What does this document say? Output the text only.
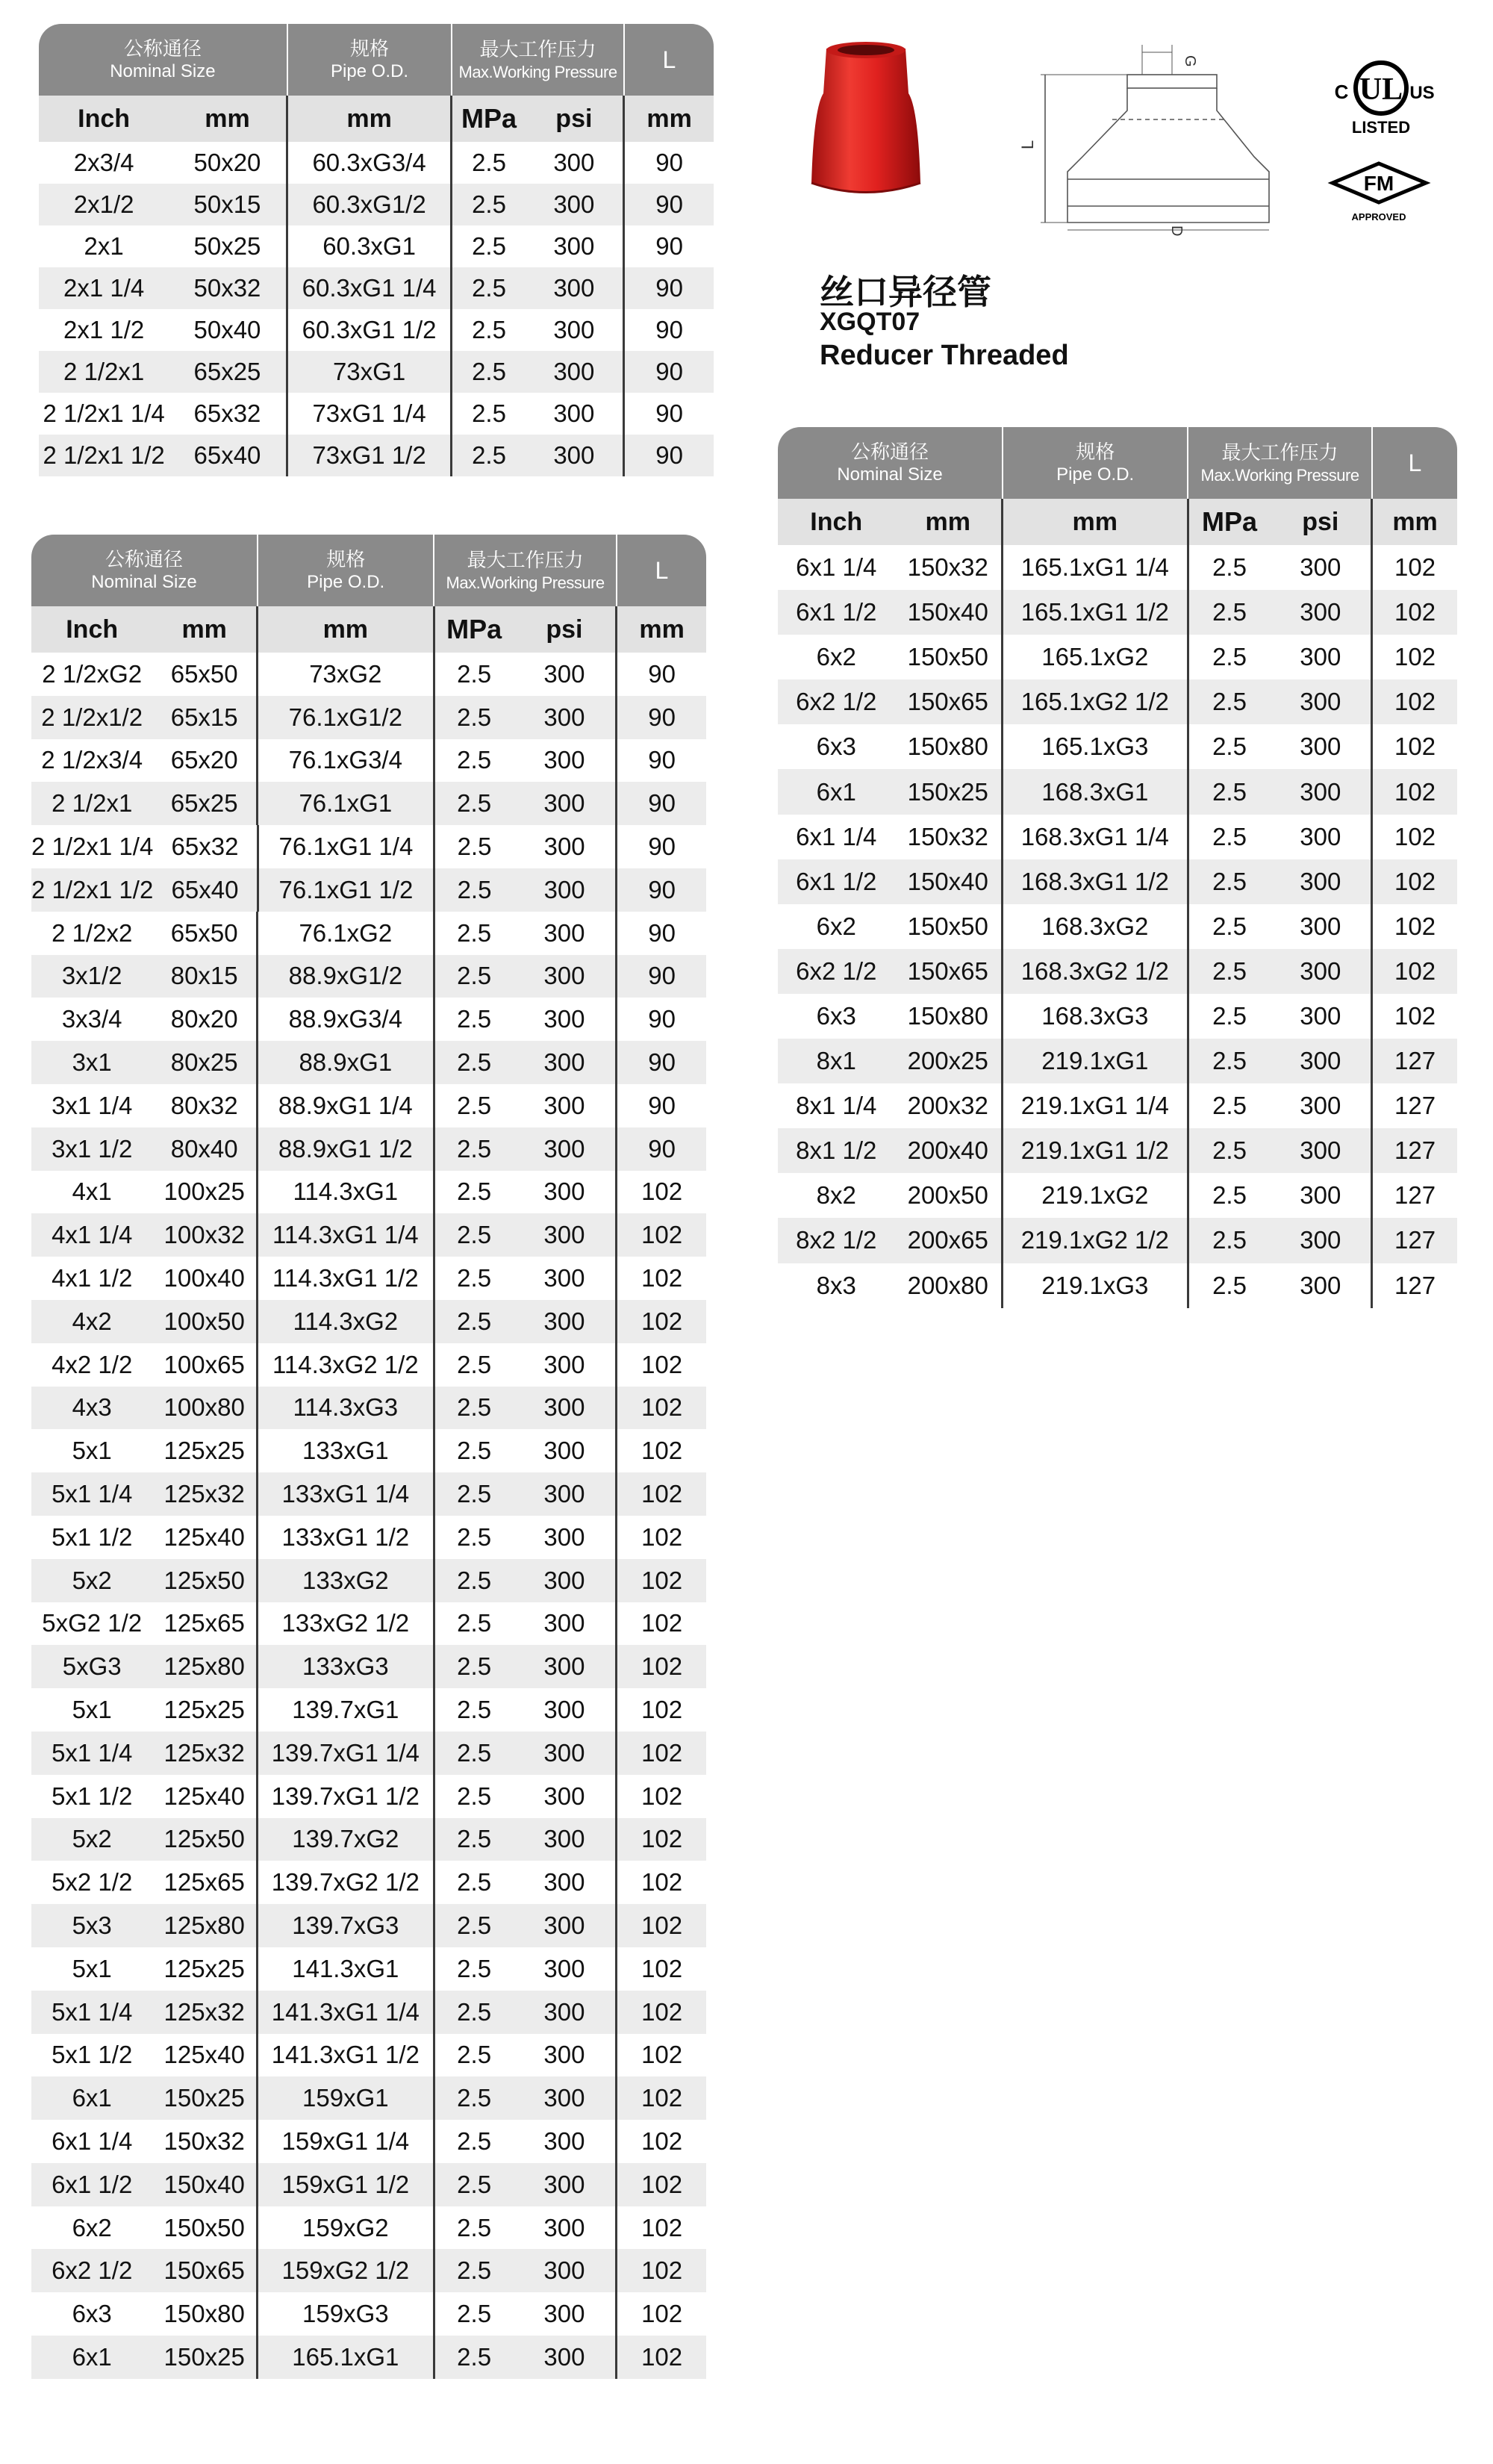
公称通径
Nominal Size
规格
Pipe O.D.
最大工作压力
Max.Working Pressure L
Inch	mm	mm	MPa	psi	mm
2x3/4	50x20	60.3xG3/4	2.5	300	90
2x1/2	50x15	60.3xG1/2	2.5	300	90
2x1	50x25	60.3xG1	2.5	300	90
2x1 1/4	50x32	60.3xG1 1/4	2.5	300	90
2x1 1/2	50x40	60.3xG1 1/2	2.5	300	90
2 1/2x1	65x25	73xG1	2.5	300	90
2 1/2x1 1/4	65x32	73xG1 1/4	2.5	300	90
2 1/2x1 1/2	65x40	73xG1 1/2	2.5	300	90
公称通径
Nominal Size
规格
Pipe O.D.
最大工作压力
Max.Working Pressure L
Inch	mm	mm	MPa	psi	mm
2 1/2xG2	65x50	73xG2	2.5	300	90
2 1/2x1/2	65x15	76.1xG1/2	2.5	300	90
2 1/2x3/4	65x20	76.1xG3/4	2.5	300	90
2 1/2x1	65x25	76.1xG1	2.5	300	90
2 1/2x1 1/4 65x32	76.1xG1 1/4	2.5	300	90
2 1/2x1 1/2 65x40	76.1xG1 1/2	2.5	300	90
2 1/2x2	65x50	76.1xG2	2.5	300	90
3x1/2	80x15	88.9xG1/2	2.5	300	90
3x3/4	80x20	88.9xG3/4	2.5	300	90
3x1	80x25	88.9xG1	2.5	300	90
3x1 1/4	80x32	88.9xG1 1/4	2.5	300	90
3x1 1/2	80x40	88.9xG1 1/2	2.5	300	90
4x1	100x25	114.3xG1	2.5	300	102
4x1 1/4	100x32	114.3xG1 1/4	2.5	300	102
4x1 1/2	100x40	114.3xG1 1/2	2.5	300	102
4x2	100x50	114.3xG2	2.5	300	102
4x2 1/2	100x65	114.3xG2 1/2	2.5	300	102
4x3	100x80	114.3xG3	2.5	300	102
5x1	125x25	133xG1	2.5	300	102
5x1 1/4	125x32	133xG1 1/4	2.5	300	102
5x1 1/2	125x40	133xG1 1/2	2.5	300	102
5x2	125x50	133xG2	2.5	300	102
5xG2 1/2 125x65	133xG2 1/2	2.5	300	102
5xG3	125x80	133xG3	2.5	300	102
5x1	125x25	139.7xG1	2.5	300	102
5x1 1/4	125x32	139.7xG1 1/4	2.5	300	102
5x1 1/2	125x40	139.7xG1 1/2	2.5	300	102
5x2	125x50	139.7xG2	2.5	300	102
5x2 1/2	125x65	139.7xG2 1/2	2.5	300	102
5x3	125x80	139.7xG3	2.5	300	102
5x1	125x25	141.3xG1	2.5	300	102
5x1 1/4	125x32	141.3xG1 1/4	2.5	300	102
5x1 1/2	125x40	141.3xG1 1/2	2.5	300	102
6x1	150x25	159xG1	2.5	300	102
6x1 1/4	150x32	159xG1 1/4	2.5	300	102
6x1 1/2	150x40	159xG1 1/2	2.5	300	102
6x2	150x50	159xG2	2.5	300	102
6x2 1/2	150x65	159xG2 1/2	2.5	300	102
6x3	150x80	159xG3	2.5	300	102
6x1	150x25	165.1xG1	2.5	300	102
公称通径
Nominal Size
规格
Pipe O.D.
最大工作压力
Max.Working Pressure L
Inch	mm	mm	MPa	psi	mm
6x1 1/4	150x32	165.1xG1 1/4	2.5	300	102
6x1 1/2	150x40	165.1xG1 1/2	2.5	300	102
6x2	150x50	165.1xG2	2.5	300	102
6x2 1/2	150x65	165.1xG2 1/2	2.5	300	102
6x3	150x80	165.1xG3	2.5	300	102
6x1	150x25	168.3xG1	2.5	300	102
6x1 1/4	150x32	168.3xG1 1/4	2.5	300	102
6x1 1/2	150x40	168.3xG1 1/2	2.5	300	102
6x2	150x50	168.3xG2	2.5	300	102
6x2 1/2	150x65	168.3xG2 1/2	2.5	300	102
6x3	150x80	168.3xG3	2.5	300	102
8x1	200x25	219.1xG1	2.5	300	127
8x1 1/4	200x32	219.1xG1 1/4	2.5	300	127
8x1 1/2	200x40	219.1xG1 1/2	2.5	300	127
8x2	200x50	219.1xG2	2.5	300	127
8x2 1/2	200x65	219.1xG2 1/2	2.5	300	127
8x3	200x80	219.1xG3	2.5	300	127
G
L
D
UL
C	US
LISTED
FM
APPROVED
丝口异径管
XGQT07
Reducer Threaded
